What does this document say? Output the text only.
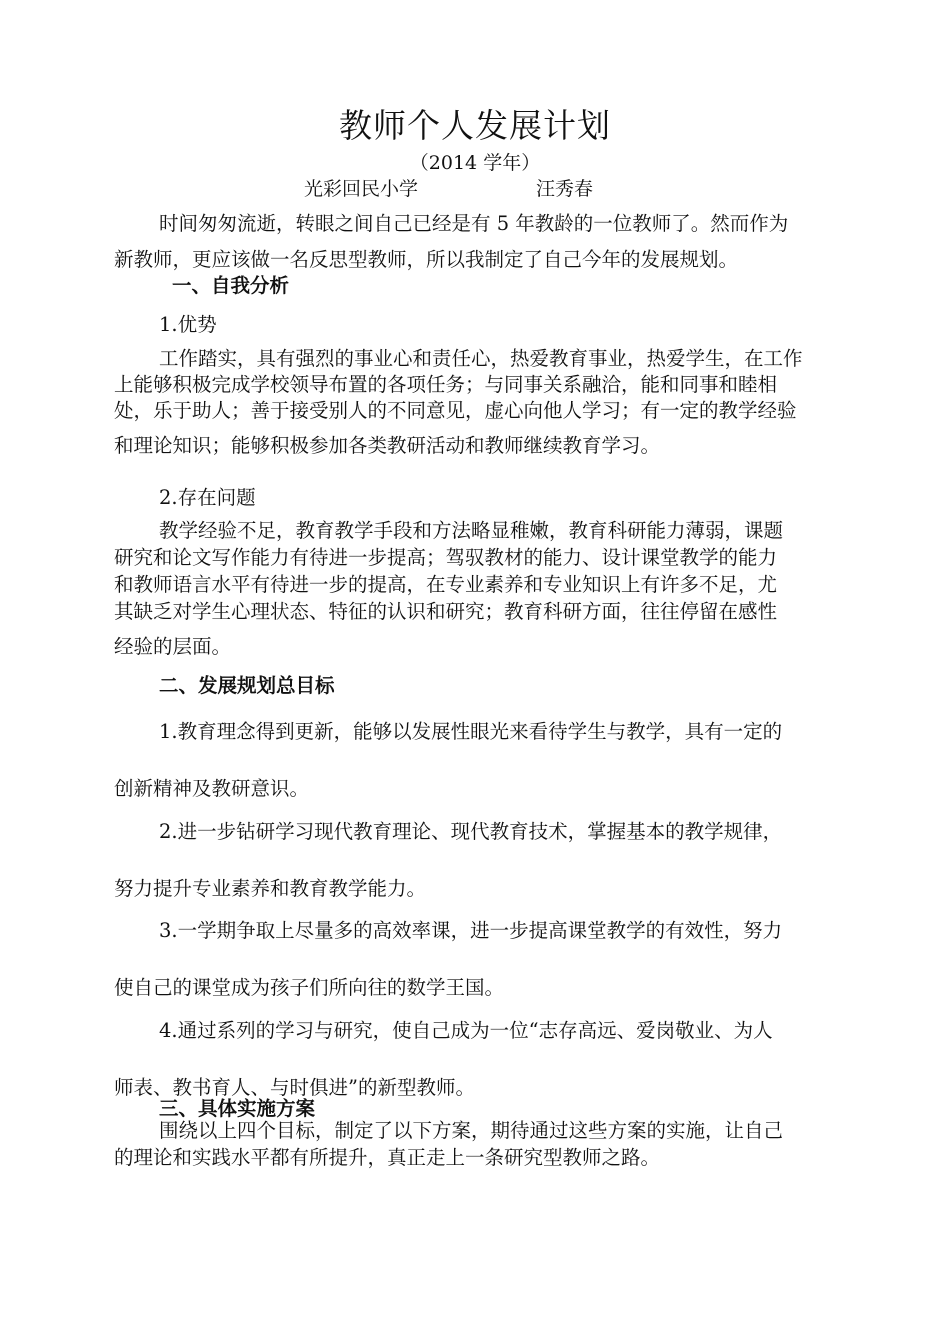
教师个人发展计划
（2014 学年）
光彩回民小学	汪秀春
时间匆匆流逝，转眼之间自己已经是有 5 年教龄的一位教师了。然而作为
新教师，更应该做一名反思型教师，所以我制定了自己今年的发展规划。
一、自我分析
1.优势
工作踏实，具有强烈的事业心和责任心，热爱教育事业，热爱学生，在工作
上能够积极完成学校领导布置的各项任务；与同事关系融洽，能和同事和睦相
处，乐于助人；善于接受别人的不同意见，虚心向他人学习；有一定的教学经验
和理论知识；能够积极参加各类教研活动和教师继续教育学习。
2.存在问题
教学经验不足，教育教学手段和方法略显稚嫩，教育科研能力薄弱，课题
研究和论文写作能力有待进一步提高；驾驭教材的能力、设计课堂教学的能力
和教师语言水平有待进一步的提高，在专业素养和专业知识上有许多不足，尤
其缺乏对学生心理状态、特征的认识和研究；教育科研方面，往往停留在感性
经验的层面。
二、发展规划总目标
1.教育理念得到更新，能够以发展性眼光来看待学生与教学，具有一定的
创新精神及教研意识。
2.进一步钻研学习现代教育理论、现代教育技术，掌握基本的教学规律，
努力提升专业素养和教育教学能力。
3.一学期争取上尽量多的高效率课，进一步提高课堂教学的有效性，努力
使自己的课堂成为孩子们所向往的数学王国。
4.通过系列的学习与研究，使自己成为一位“志存高远、爱岗敬业、为人
师表、教书育人、与时俱进”的新型教师。
三、具体实施方案
围绕以上四个目标，制定了以下方案，期待通过这些方案的实施，让自己
的理论和实践水平都有所提升，真正走上一条研究型教师之路。
